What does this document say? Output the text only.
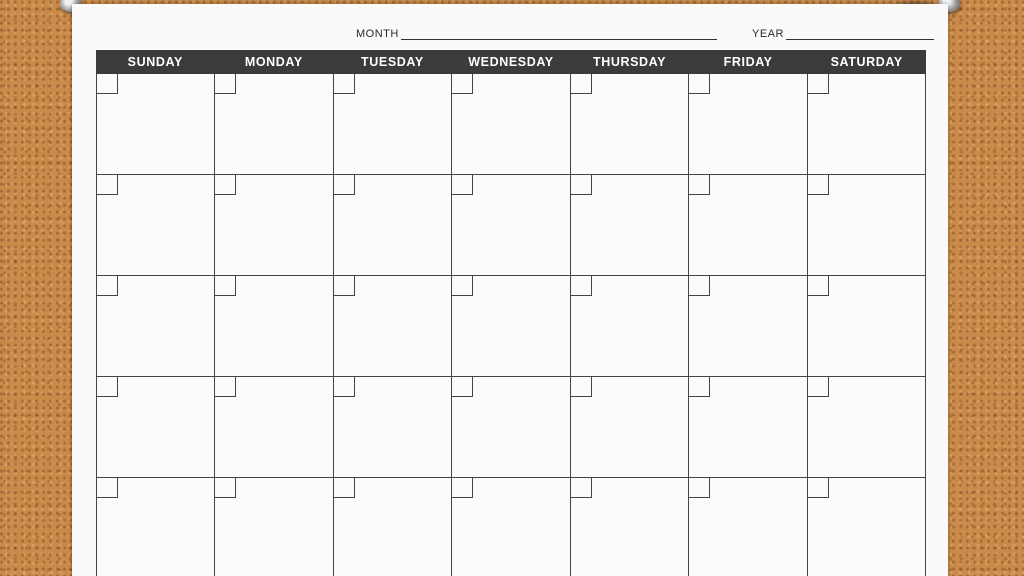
MONTH	YEAR
SUNDAY	MONDAY	TUESDAY	WEDNESDAY	THURSDAY	FRIDAY	SATURDAY
